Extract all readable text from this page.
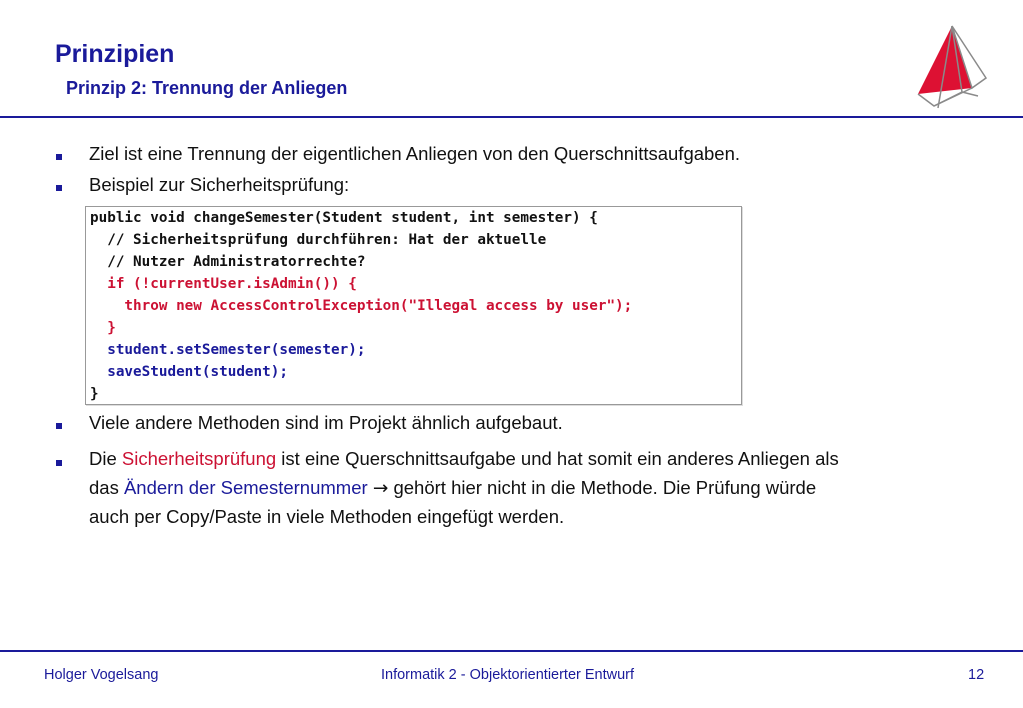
Prinzipien
Prinzip 2: Trennung der Anliegen
Ziel ist eine Trennung der eigentlichen Anliegen von den Querschnittsaufgaben.
Beispiel zur Sicherheitsprüfung:
public void changeSemester(Student student, int semester) {
// Sicherheitsprüfung durchführen: Hat der aktuelle
// Nutzer Administratorrechte?
if (!currentUser.isAdmin()) {
throw new AccessControlException("Illegal access by user");
}
student.setSemester(semester);
saveStudent(student);
}
Viele andere Methoden sind im Projekt ähnlich aufgebaut.
Die Sicherheitsprüfung ist eine Querschnittsaufgabe und hat somit ein anderes Anliegen als
das Ändern der Semesternummer → gehört hier nicht in die Methode. Die Prüfung würde
auch per Copy/Paste in viele Methoden eingefügt werden.
Holger Vogelsang	Informatik 2 - Objektorientierter Entwurf	12
